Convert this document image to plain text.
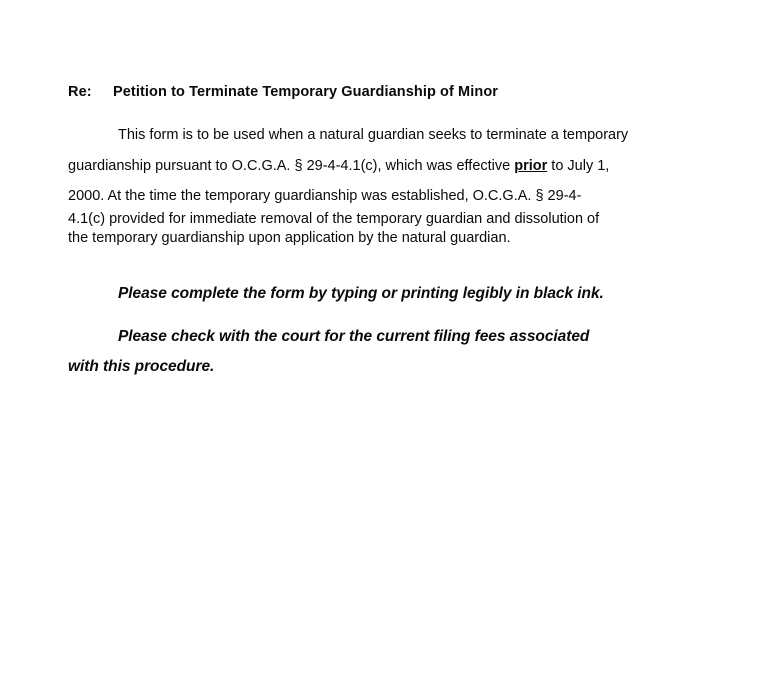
Re: Petition to Terminate Temporary Guardianship of Minor
This form is to be used when a natural guardian seeks to terminate a temporary
guardianship pursuant to O.C.G.A. § 29-4-4.1(c), which was effective prior to July 1,
2000. At the time the temporary guardianship was established, O.C.G.A. § 29-4-
4.1(c) provided for immediate removal of the temporary guardian and dissolution of
the temporary guardianship upon application by the natural guardian.
Please complete the form by typing or printing legibly in black ink.
Please check with the court for the current filing fees associated
with this procedure.
